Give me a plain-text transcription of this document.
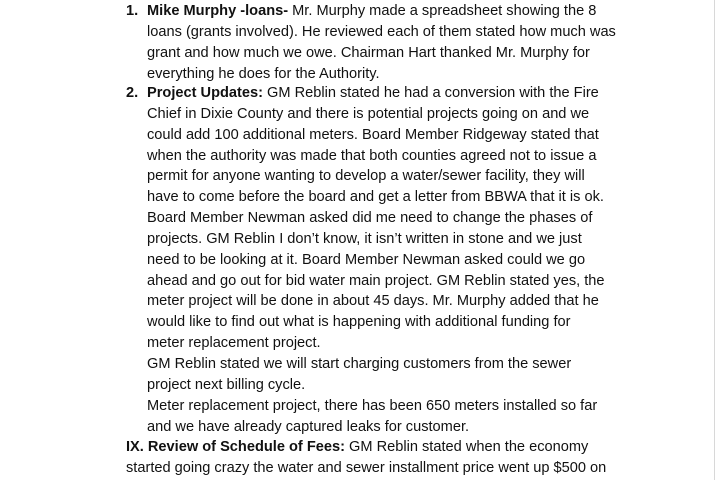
1. Mike Murphy -loans- Mr. Murphy made a spreadsheet showing the 8
loans (grants involved). He reviewed each of them stated how much was
grant and how much we owe. Chairman Hart thanked Mr. Murphy for
everything he does for the Authority.
2. Project Updates: GM Reblin stated he had a conversion with the Fire
Chief in Dixie County and there is potential projects going on and we
could add 100 additional meters. Board Member Ridgeway stated that
when the authority was made that both counties agreed not to issue a
permit for anyone wanting to develop a water/sewer facility, they will
have to come before the board and get a letter from BBWA that it is ok.
Board Member Newman asked did me need to change the phases of
projects. GM Reblin I don’t know, it isn’t written in stone and we just
need to be looking at it. Board Member Newman asked could we go
ahead and go out for bid water main project. GM Reblin stated yes, the
meter project will be done in about 45 days. Mr. Murphy added that he
would like to find out what is happening with additional funding for
meter replacement project.
GM Reblin stated we will start charging customers from the sewer
project next billing cycle.
Meter replacement project, there has been 650 meters installed so far
and we have already captured leaks for customer.
IX. Review of Schedule of Fees: GM Reblin stated when the economy
started going crazy the water and sewer installment price went up $500 on
